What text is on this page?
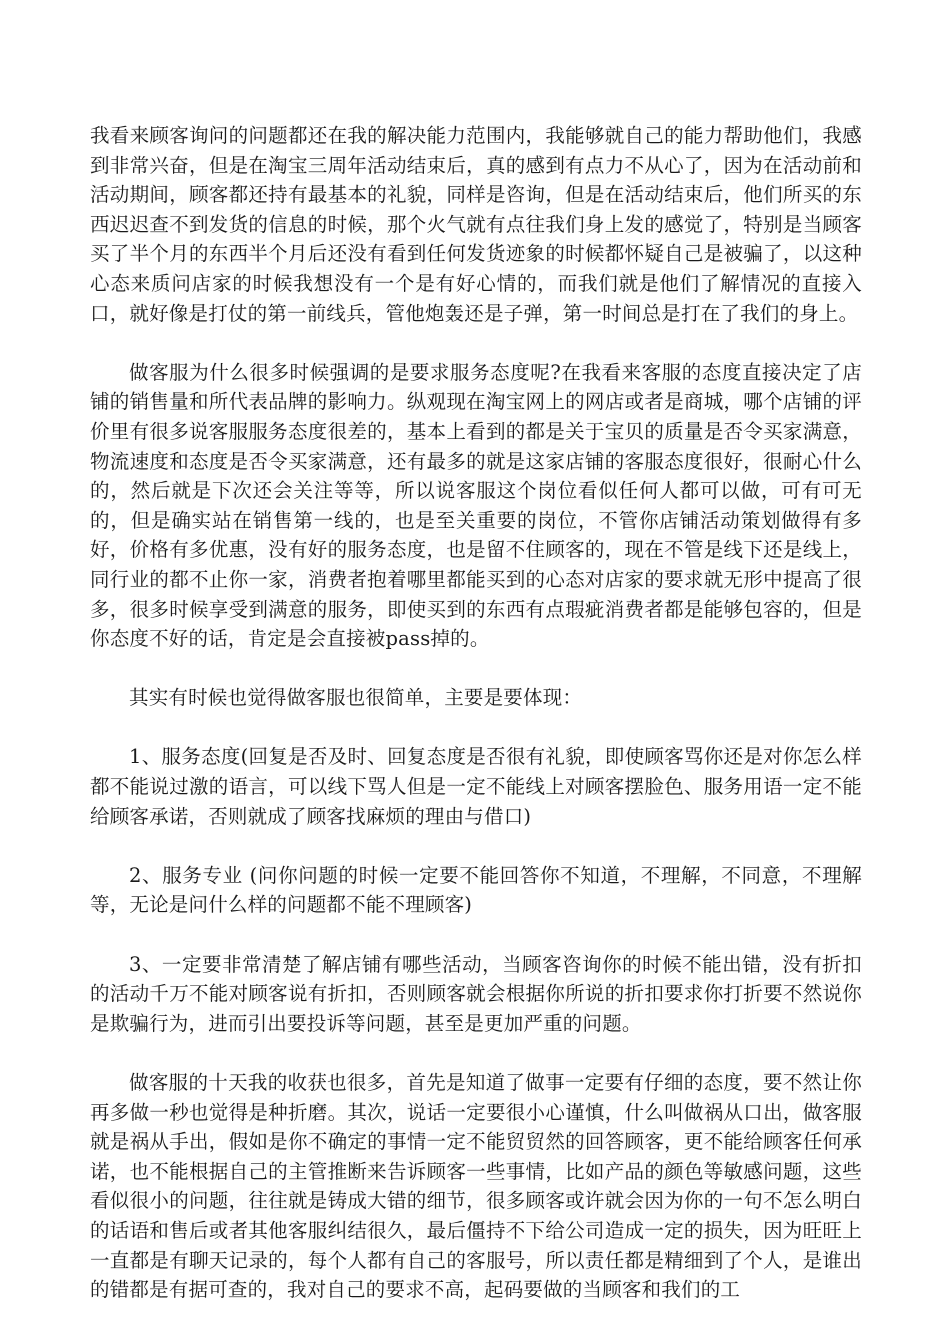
我看来顾客询问的问题都还在我的解决能力范围内，我能够就自己的能力帮助他们，我感到非常兴奋，但是在淘宝三周年活动结束后，真的感到有点力不从心了，因为在活动前和活动期间，顾客都还持有最基本的礼貌，同样是咨询，但是在活动结束后，他们所买的东西迟迟查不到发货的信息的时候，那个火气就有点往我们身上发的感觉了，特别是当顾客买了半个月的东西半个月后还没有看到任何发货迹象的时候都怀疑自己是被骗了，以这种心态来质问店家的时候我想没有一个是有好心情的，而我们就是他们了解情况的直接入口，就好像是打仗的第一前线兵，管他炮轰还是子弹，第一时间总是打在了我们的身上。

做客服为什么很多时候强调的是要求服务态度呢?在我看来客服的态度直接决定了店铺的销售量和所代表品牌的影响力。纵观现在淘宝网上的网店或者是商城，哪个店铺的评价里有很多说客服服务态度很差的，基本上看到的都是关于宝贝的质量是否令买家满意，物流速度和态度是否令买家满意，还有最多的就是这家店铺的客服态度很好，很耐心什么的，然后就是下次还会关注等等，所以说客服这个岗位看似任何人都可以做，可有可无的，但是确实站在销售第一线的，也是至关重要的岗位，不管你店铺活动策划做得有多好，价格有多优惠，没有好的服务态度，也是留不住顾客的，现在不管是线下还是线上，同行业的都不止你一家，消费者抱着哪里都能买到的心态对店家的要求就无形中提高了很多，很多时候享受到满意的服务，即使买到的东西有点瑕疵消费者都是能够包容的，但是你态度不好的话，肯定是会直接被pass掉的。

其实有时候也觉得做客服也很简单，主要是要体现：

1、服务态度(回复是否及时、回复态度是否很有礼貌，即使顾客骂你还是对你怎么样都不能说过激的语言，可以线下骂人但是一定不能线上对顾客摆脸色、服务用语一定不能给顾客承诺，否则就成了顾客找麻烦的理由与借口)

2、服务专业 (问你问题的时候一定要不能回答你不知道，不理解，不同意，不理解等，无论是问什么样的问题都不能不理顾客)

3、一定要非常清楚了解店铺有哪些活动，当顾客咨询你的时候不能出错，没有折扣的活动千万不能对顾客说有折扣，否则顾客就会根据你所说的折扣要求你打折要不然说你是欺骗行为，进而引出要投诉等问题，甚至是更加严重的问题。

做客服的十天我的收获也很多，首先是知道了做事一定要有仔细的态度，要不然让你再多做一秒也觉得是种折磨。其次，说话一定要很小心谨慎，什么叫做祸从口出，做客服就是祸从手出，假如是你不确定的事情一定不能贸贸然的回答顾客，更不能给顾客任何承诺，也不能根据自己的主管推断来告诉顾客一些事情，比如产品的颜色等敏感问题，这些看似很小的问题，往往就是铸成大错的细节，很多顾客或许就会因为你的一句不怎么明白的话语和售后或者其他客服纠结很久，最后僵持不下给公司造成一定的损失，因为旺旺上一直都是有聊天记录的，每个人都有自己的客服号，所以责任都是精细到了个人，是谁出的错都是有据可查的，我对自己的要求不高，起码要做的当顾客和我们的工
